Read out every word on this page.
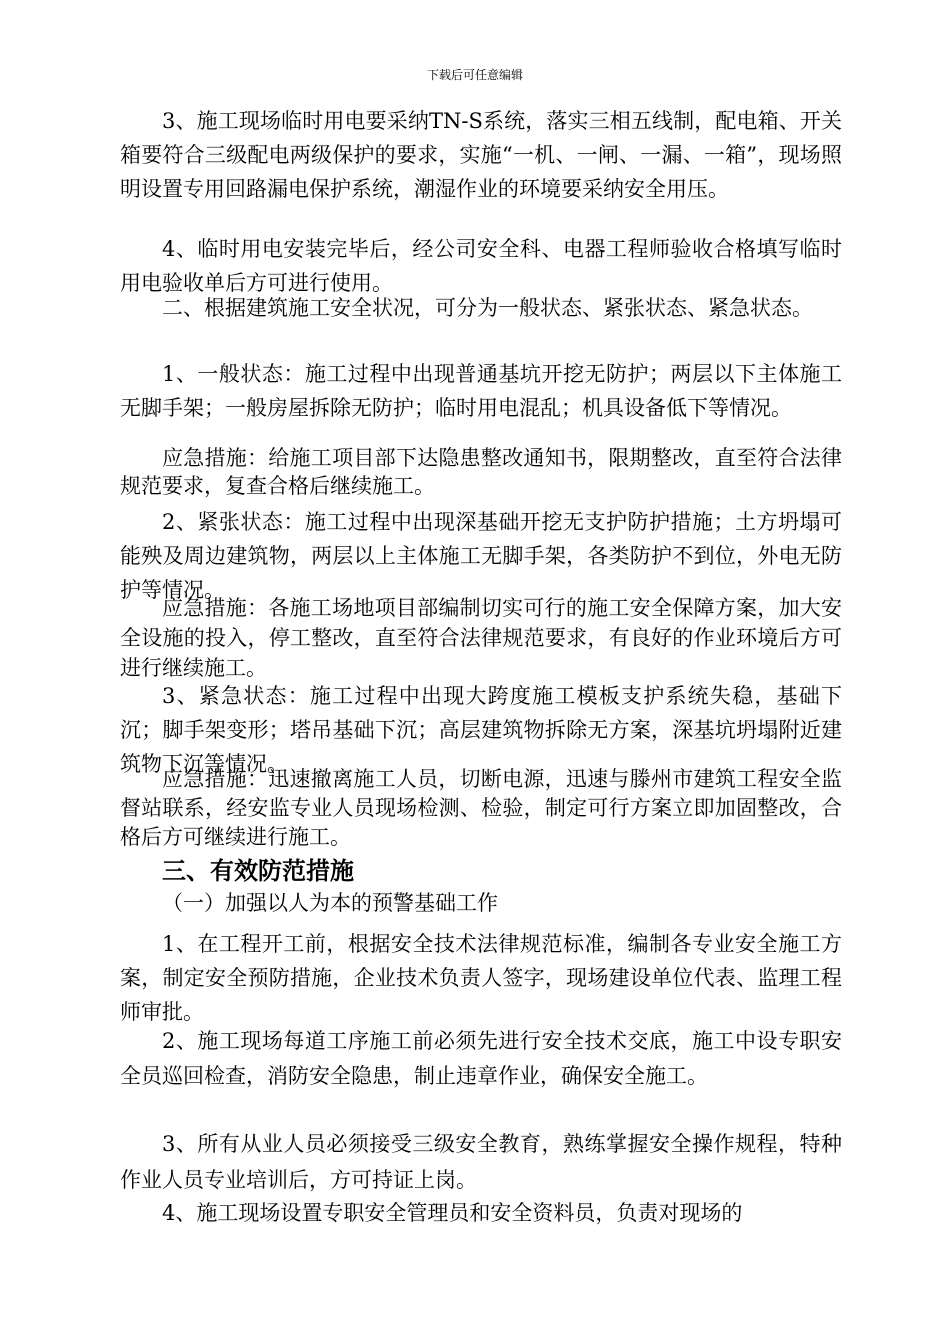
下载后可任意编辑

3、施工现场临时用电要采纳TN-S系统，落实三相五线制，配电箱、开关箱要符合三级配电两级保护的要求，实施“一机、一闸、一漏、一箱”，现场照明设置专用回路漏电保护系统，潮湿作业的环境要采纳安全用压。

4、临时用电安装完毕后，经公司安全科、电器工程师验收合格填写临时用电验收单后方可进行使用。

二、根据建筑施工安全状况，可分为一般状态、紧张状态、紧急状态。

1、一般状态：施工过程中出现普通基坑开挖无防护；两层以下主体施工无脚手架；一般房屋拆除无防护；临时用电混乱；机具设备低下等情况。

应急措施：给施工项目部下达隐患整改通知书，限期整改，直至符合法律规范要求，复查合格后继续施工。

2、紧张状态：施工过程中出现深基础开挖无支护防护措施；土方坍塌可能殃及周边建筑物，两层以上主体施工无脚手架，各类防护不到位，外电无防护等情况。

应急措施：各施工场地项目部编制切实可行的施工安全保障方案，加大安全设施的投入，停工整改，直至符合法律规范要求，有良好的作业环境后方可进行继续施工。

3、紧急状态：施工过程中出现大跨度施工模板支护系统失稳，基础下沉；脚手架变形；塔吊基础下沉；高层建筑物拆除无方案，深基坑坍塌附近建筑物下沉等情况。

应急措施：迅速撤离施工人员，切断电源，迅速与滕州市建筑工程安全监督站联系，经安监专业人员现场检测、检验，制定可行方案立即加固整改，合格后方可继续进行施工。

三、有效防范措施

（一）加强以人为本的预警基础工作

1、在工程开工前，根据安全技术法律规范标准，编制各专业安全施工方案，制定安全预防措施，企业技术负责人签字，现场建设单位代表、监理工程师审批。

2、施工现场每道工序施工前必须先进行安全技术交底，施工中设专职安全员巡回检查，消防安全隐患，制止违章作业，确保安全施工。

3、所有从业人员必须接受三级安全教育，熟练掌握安全操作规程，特种作业人员专业培训后，方可持证上岗。

4、施工现场设置专职安全管理员和安全资料员，负责对现场的
